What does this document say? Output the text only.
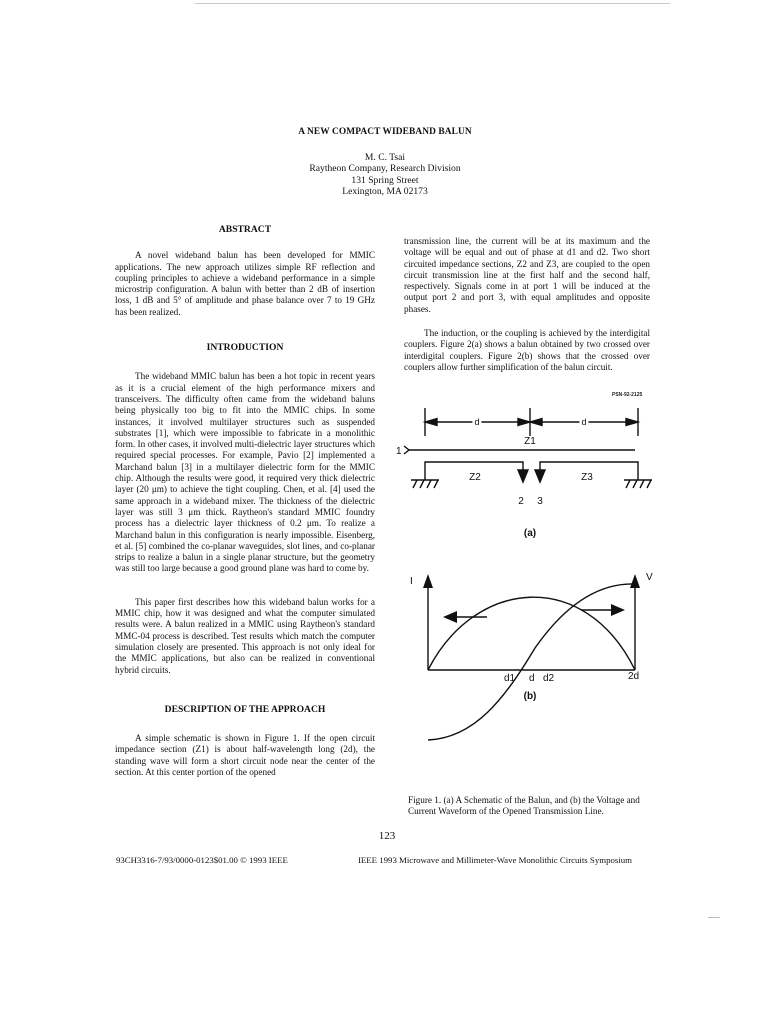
A NEW COMPACT WIDEBAND BALUN
M. C. Tsai
Raytheon Company, Research Division
131 Spring Street
Lexington, MA 02173
ABSTRACT

A novel wideband balun has been developed for MMIC applications. The new approach utilizes simple RF reflection and coupling principles to achieve a wideband performance in a simple microstrip configuration. A balun with better than 2 dB of insertion loss, 1 dB and 5° of amplitude and phase balance over 7 to 19 GHz has been realized.

INTRODUCTION

The wideband MMIC balun has been a hot topic in recent years as it is a crucial element of the high performance mixers and transceivers. The difficulty often came from the wideband baluns being physically too big to fit into the MMIC chips. In some instances, it involved multilayer structures such as suspended substrates [1], which were impossible to fabricate in a monolithic form. In other cases, it involved multi-dielectric layer structures which required special processes. For example, Pavio [2] implemented a Marchand balun [3] in a multilayer dielectric form for the MMIC chip. Although the results were good, it required very thick dielectric layer (20 μm) to achieve the tight coupling. Chen, et al. [4] used the same approach in a wideband mixer. The thickness of the dielectric layer was still 3 μm thick. Raytheon's standard MMIC foundry process has a dielectric layer thickness of 0.2 μm. To realize a Marchand balun in this configuration is nearly impossible. Eisenberg, et al. [5] combined the co-planar waveguides, slot lines, and co-planar strips to realize a balun in a single planar structure, but the geometry was still too large because a good ground plane was hard to come by.

This paper first describes how this wideband balun works for a MMIC chip, how it was designed and what the computer simulated results were. A balun realized in a MMIC using Raytheon's standard MMC-04 process is described. Test results which match the computer simulation closely are presented. This approach is not only ideal for the MMIC applications, but also can be realized in conventional hybrid circuits.

DESCRIPTION OF THE APPROACH

A simple schematic is shown in Figure 1. If the open circuit impedance section (Z1) is about half-wavelength long (2d), the standing wave will form a short circuit node near the center of the section. At this center portion of the opened

transmission line, the current will be at its maximum and the voltage will be equal and out of phase at d1 and d2. Two short circuited impedance sections, Z2 and Z3, are coupled to the open circuit transmission line at the first half and the second half, respectively. Signals come in at port 1 will be induced at the output port 2 and port 3, with equal amplitudes and opposite phases.

The induction, or the coupling is achieved by the interdigital couplers. Figure 2(a) shows a balun obtained by two crossed over interdigital couplers. Figure 2(b) shows that the crossed over couplers allow further simplification of the balun circuit.

PSN-92-2125
d	d
Z1
1
Z2	Z3
2 3
(a)
I	V
d1 d d2	2d
(b)
Figure 1. (a) A Schematic of the Balun, and (b) the Voltage and Current Waveform of the Opened Transmission Line.
123
93CH3316-7/93/0000-0123$01.00 © 1993 IEEE	IEEE 1993 Microwave and Millimeter-Wave Monolithic Circuits Symposium
